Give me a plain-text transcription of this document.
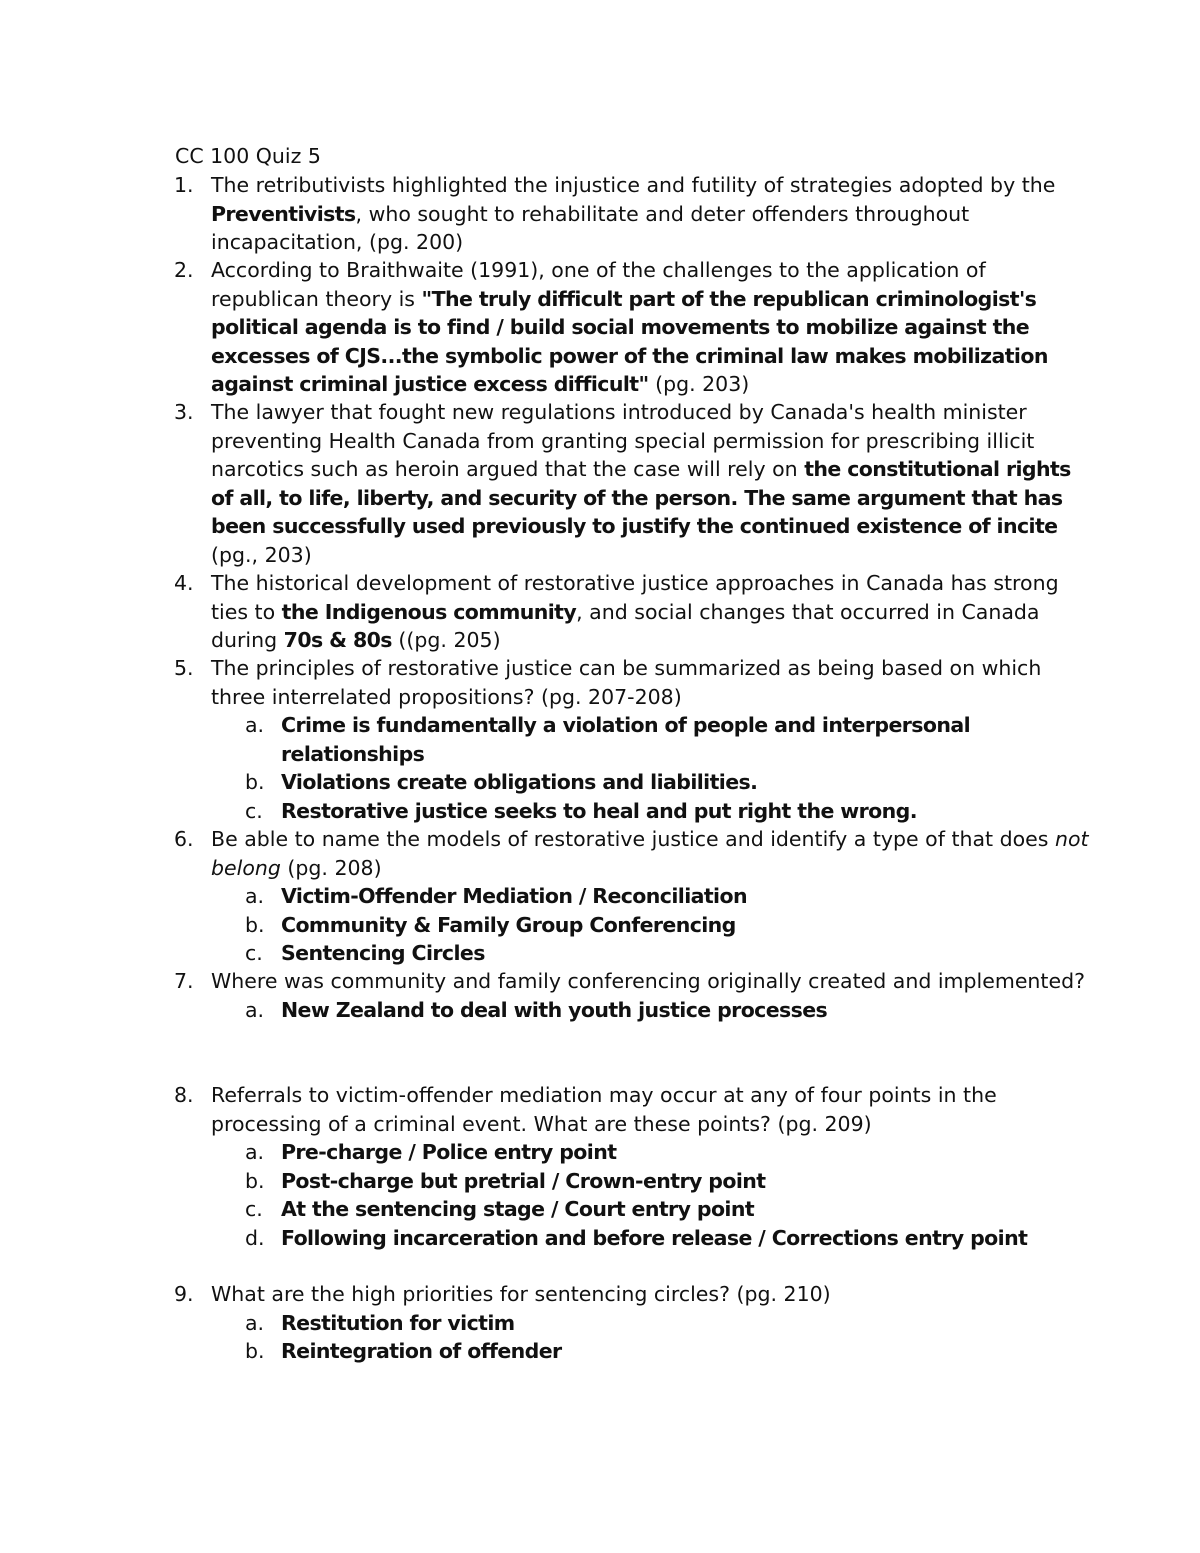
CC 100 Quiz 5
1. The retributivists highlighted the injustice and futility of strategies adopted by the Preventivists, who sought to rehabilitate and deter offenders throughout incapacitation, (pg. 200)
2. According to Braithwaite (1991), one of the challenges to the application of republican theory is "The truly difficult part of the republican criminologist's political agenda is to find / build social movements to mobilize against the excesses of CJS...the symbolic power of the criminal law makes mobilization against criminal justice excess difficult" (pg. 203)
3. The lawyer that fought new regulations introduced by Canada's health minister preventing Health Canada from granting special permission for prescribing illicit narcotics such as heroin argued that the case will rely on the constitutional rights of all, to life, liberty, and security of the person. The same argument that has been successfully used previously to justify the continued existence of incite (pg., 203)
4. The historical development of restorative justice approaches in Canada has strong ties to the Indigenous community, and social changes that occurred in Canada during 70s & 80s ((pg. 205)
5. The principles of restorative justice can be summarized as being based on which three interrelated propositions? (pg. 207-208)
a. Crime is fundamentally a violation of people and interpersonal relationships
b. Violations create obligations and liabilities.
c. Restorative justice seeks to heal and put right the wrong.
6. Be able to name the models of restorative justice and identify a type of that does not belong (pg. 208)
a. Victim-Offender Mediation / Reconciliation
b. Community & Family Group Conferencing
c. Sentencing Circles
7. Where was community and family conferencing originally created and implemented?
a. New Zealand to deal with youth justice processes
8. Referrals to victim-offender mediation may occur at any of four points in the processing of a criminal event. What are these points? (pg. 209)
a. Pre-charge / Police entry point
b. Post-charge but pretrial / Crown-entry point
c. At the sentencing stage / Court entry point
d. Following incarceration and before release / Corrections entry point
9. What are the high priorities for sentencing circles? (pg. 210)
a. Restitution for victim
b. Reintegration of offender
